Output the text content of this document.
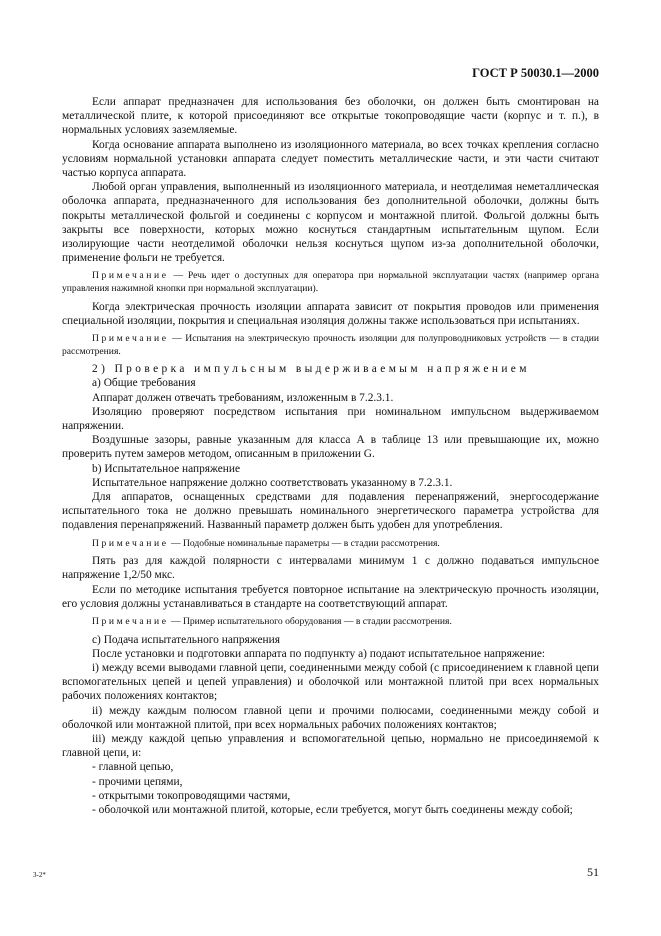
ГОСТ Р 50030.1—2000

Если аппарат предназначен для использования без оболочки, он должен быть смонтирован на металлической плите, к которой присоединяют все открытые токопроводящие части (корпус и т. п.), в нормальных условиях заземляемые.

Когда основание аппарата выполнено из изоляционного материала, во всех точках крепления согласно условиям нормальной установки аппарата следует поместить металлические части, и эти части считают частью корпуса аппарата.

Любой орган управления, выполненный из изоляционного материала, и неотделимая неметаллическая оболочка аппарата, предназначенного для использования без дополнительной оболочки, должны быть покрыты металлической фольгой и соединены с корпусом и монтажной плитой. Фольгой должны быть закрыты все поверхности, которых можно коснуться стандартным испытательным щупом. Если изолирующие части неотделимой оболочки нельзя коснуться щупом из-за дополнительной оболочки, применение фольги не требуется.

Примечание — Речь идет о доступных для оператора при нормальной эксплуатации частях (например органа управления нажимной кнопки при нормальной эксплуатации).

Когда электрическая прочность изоляции аппарата зависит от покрытия проводов или применения специальной изоляции, покрытия и специальная изоляция должны также использоваться при испытаниях.

Примечание — Испытания на электрическую прочность изоляции для полупроводниковых устройств — в стадии рассмотрения.

2) Проверка импульсным выдерживаемым напряжением

а) Общие требования

Аппарат должен отвечать требованиям, изложенным в 7.2.3.1.

Изоляцию проверяют посредством испытания при номинальном импульсном выдерживаемом напряжении.

Воздушные зазоры, равные указанным для класса А в таблице 13 или превышающие их, можно проверить путем замеров методом, описанным в приложении G.

b) Испытательное напряжение

Испытательное напряжение должно соответствовать указанному в 7.2.3.1.

Для аппаратов, оснащенных средствами для подавления перенапряжений, энергосодержание испытательного тока не должно превышать номинального энергетического параметра устройства для подавления перенапряжений. Названный параметр должен быть удобен для употребления.

Примечание — Подобные номинальные параметры — в стадии рассмотрения.

Пять раз для каждой полярности с интервалами минимум 1 с должно подаваться импульсное напряжение 1,2/50 мкс.

Если по методике испытания требуется повторное испытание на электрическую прочность изоляции, его условия должны устанавливаться в стандарте на соответствующий аппарат.

Примечание — Пример испытательного оборудования — в стадии рассмотрения.

с) Подача испытательного напряжения

После установки и подготовки аппарата по подпункту а) подают испытательное напряжение:

i) между всеми выводами главной цепи, соединенными между собой (с присоединением к главной цепи вспомогательных цепей и цепей управления) и оболочкой или монтажной плитой при всех нормальных рабочих положениях контактов;

ii) между каждым полюсом главной цепи и прочими полюсами, соединенными между собой и оболочкой или монтажной плитой, при всех нормальных рабочих положениях контактов;

iii) между каждой цепью управления и вспомогательной цепью, нормально не присоединяемой к главной цепи, и:

- главной цепью,

- прочими цепями,

- открытыми токопроводящими частями,

- оболочкой или монтажной плитой, которые, если требуется, могут быть соединены между собой;

3-2*	51
